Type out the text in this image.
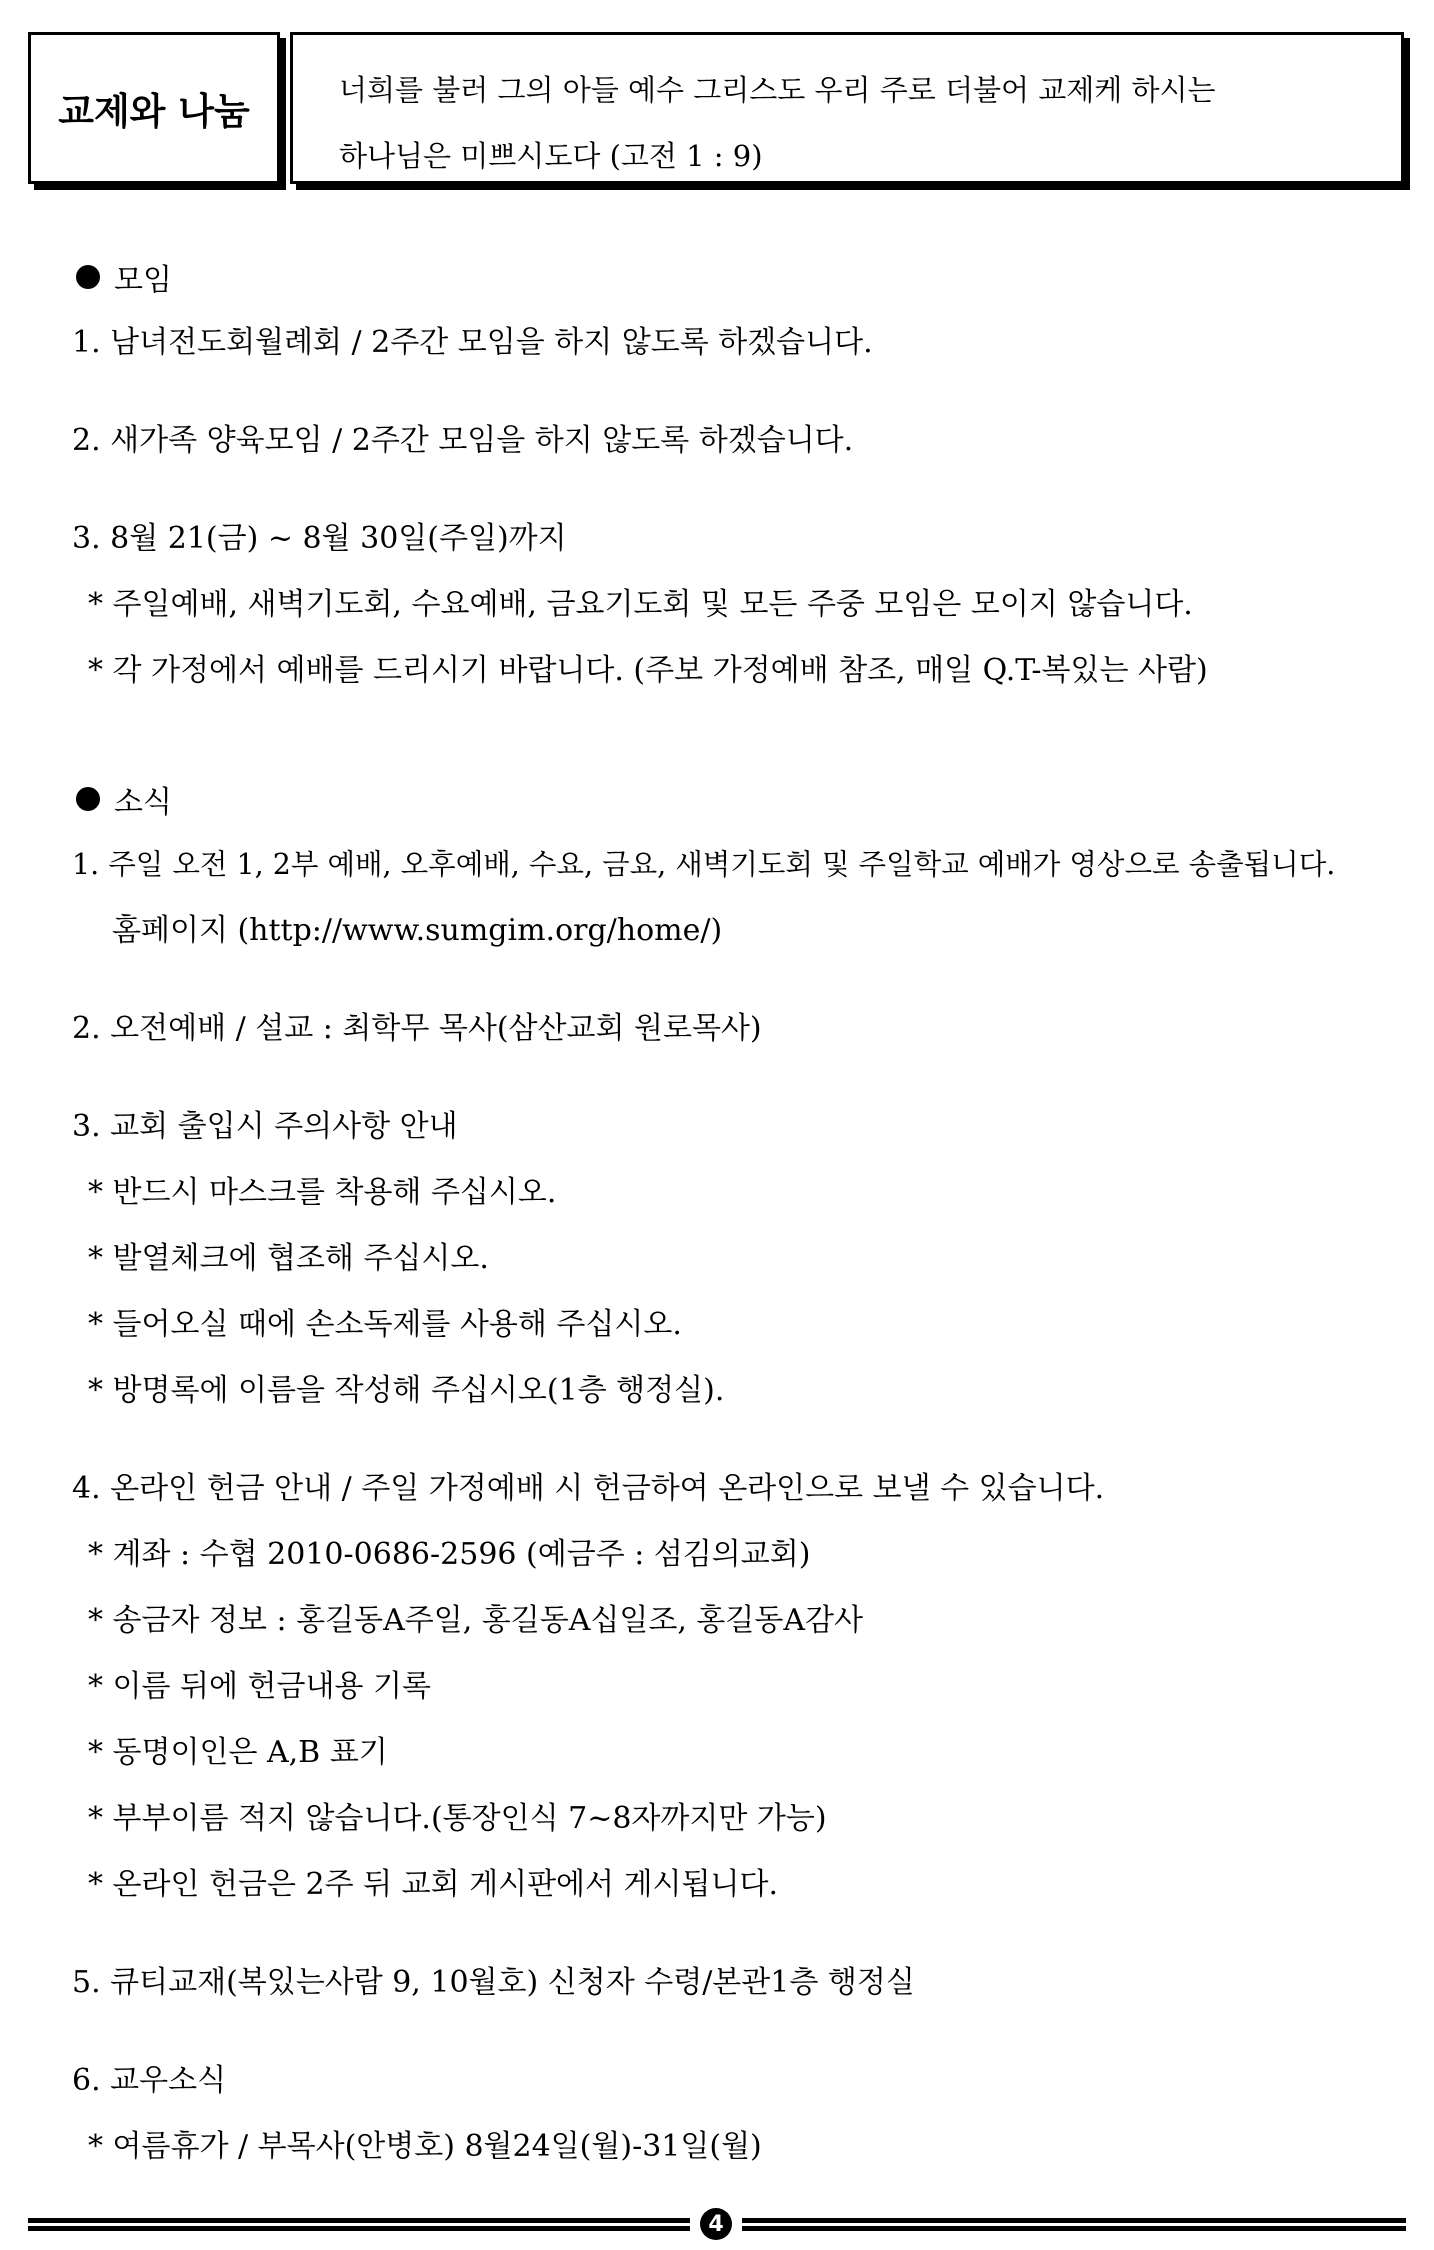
교제와 나눔	너희를 불러 그의 아들 예수 그리스도 우리 주로 더불어 교제케 하시는
하나님은 미쁘시도다 (고전 1 : 9)
모임
1. 남녀전도회월례회 / 2주간 모임을 하지 않도록 하겠습니다.
2. 새가족 양육모임 / 2주간 모임을 하지 않도록 하겠습니다.
3. 8월 21(금) ~ 8월 30일(주일)까지
* 주일예배, 새벽기도회, 수요예배, 금요기도회 및 모든 주중 모임은 모이지 않습니다.
* 각 가정에서 예배를 드리시기 바랍니다. (주보 가정예배 참조, 매일 Q.T-복있는 사람)
소식
1. 주일 오전 1, 2부 예배, 오후예배, 수요, 금요, 새벽기도회 및 주일학교 예배가 영상으로 송출됩니다.
홈페이지 (http://www.sumgim.org/home/)
2. 오전예배 / 설교 : 최학무 목사(삼산교회 원로목사)
3. 교회 출입시 주의사항 안내
* 반드시 마스크를 착용해 주십시오.
* 발열체크에 협조해 주십시오.
* 들어오실 때에 손소독제를 사용해 주십시오.
* 방명록에 이름을 작성해 주십시오(1층 행정실).
4. 온라인 헌금 안내 / 주일 가정예배 시 헌금하여 온라인으로 보낼 수 있습니다.
* 계좌 : 수협 2010-0686-2596 (예금주 : 섬김의교회)
* 송금자 정보 : 홍길동A주일, 홍길동A십일조, 홍길동A감사
* 이름 뒤에 헌금내용 기록
* 동명이인은 A,B 표기
* 부부이름 적지 않습니다.(통장인식 7~8자까지만 가능)
* 온라인 헌금은 2주 뒤 교회 게시판에서 게시됩니다.
5. 큐티교재(복있는사람 9, 10월호) 신청자 수령/본관1층 행정실
6. 교우소식
* 여름휴가 / 부목사(안병호) 8월24일(월)-31일(월)
4
